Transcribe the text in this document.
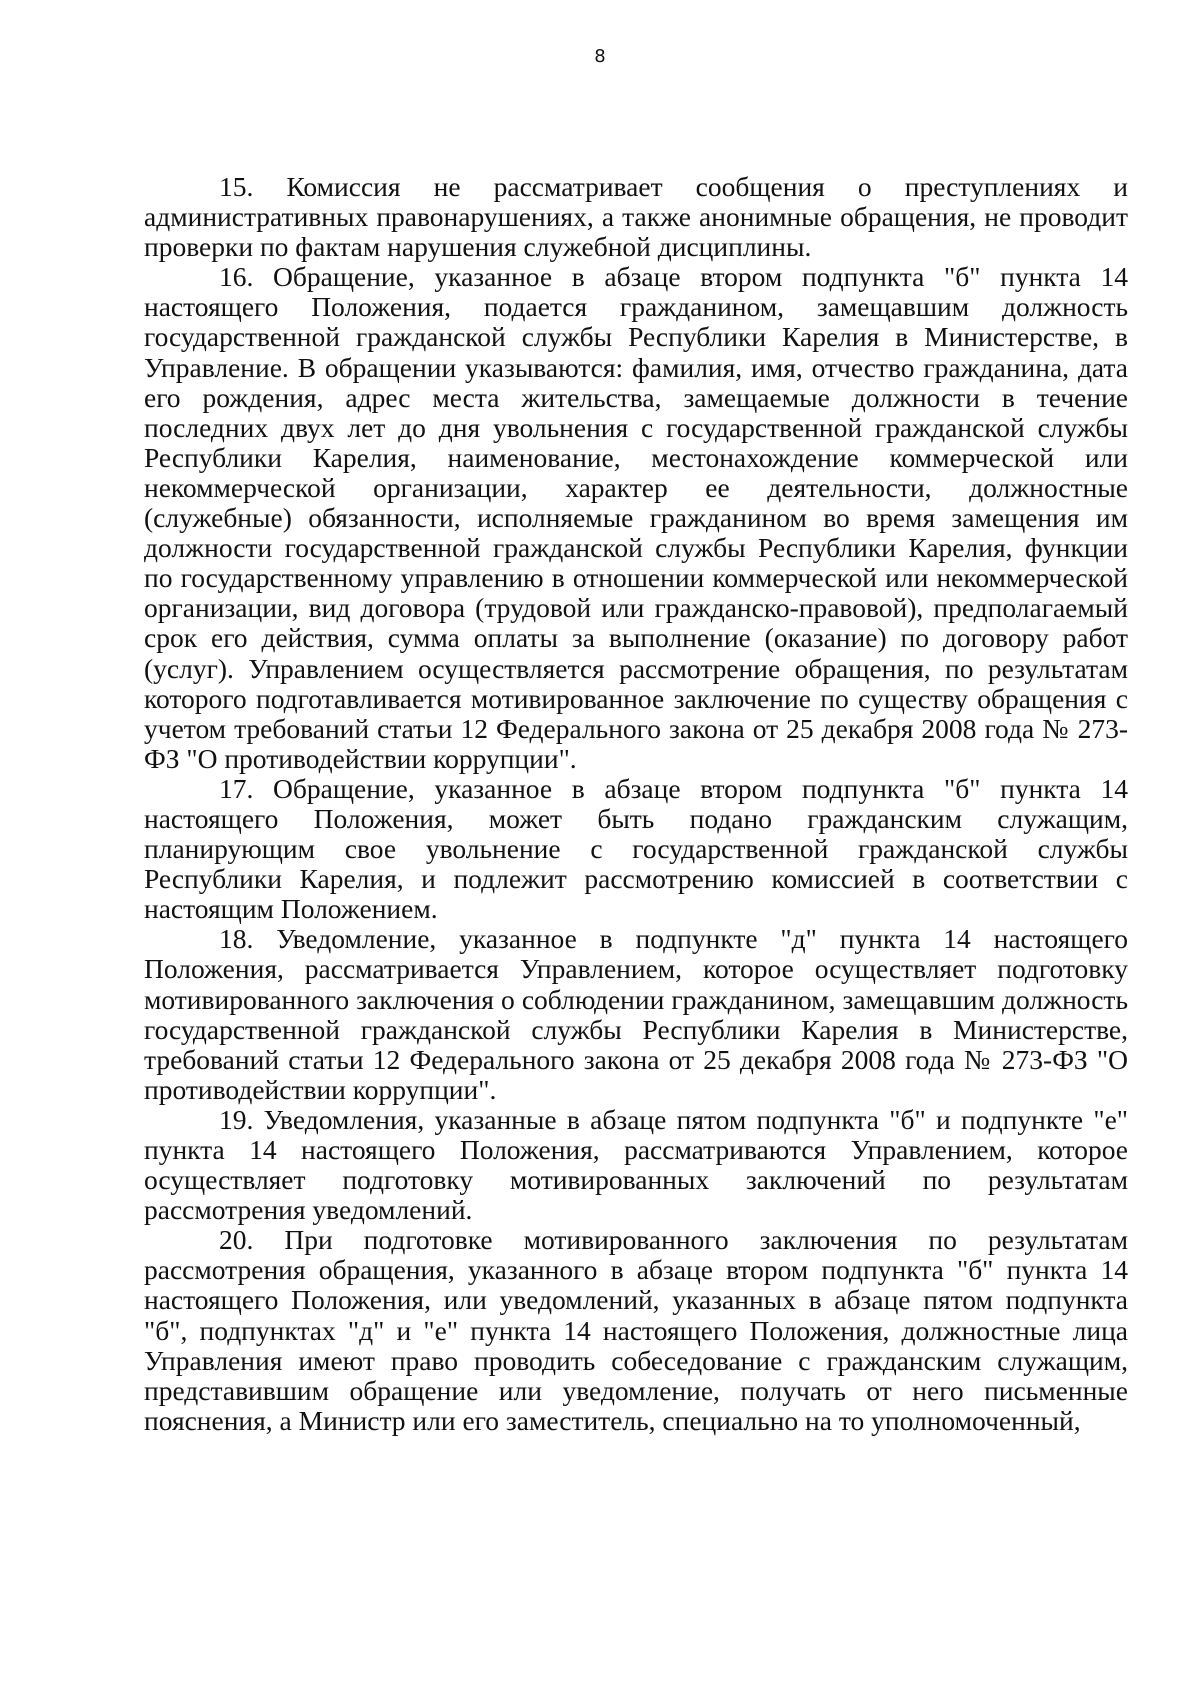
8

15. Комиссия не рассматривает сообщения о преступлениях и административных правонарушениях, а также анонимные обращения, не проводит проверки по фактам нарушения служебной дисциплины.

16. Обращение, указанное в абзаце втором подпункта "б" пункта 14 настоящего Положения, подается гражданином, замещавшим должность государственной гражданской службы Республики Карелия в Министерстве, в Управление. В обращении указываются: фамилия, имя, отчество гражданина, дата его рождения, адрес места жительства, замещаемые должности в течение последних двух лет до дня увольнения с государственной гражданской службы Республики Карелия, наименование, местонахождение коммерческой или некоммерческой организации, характер ее деятельности, должностные (служебные) обязанности, исполняемые гражданином во время замещения им должности государственной гражданской службы Республики Карелия, функции по государственному управлению в отношении коммерческой или некоммерческой организации, вид договора (трудовой или гражданско-правовой), предполагаемый срок его действия, сумма оплаты за выполнение (оказание) по договору работ (услуг). Управлением осуществляется рассмотрение обращения, по результатам которого подготавливается мотивированное заключение по существу обращения с учетом требований статьи 12 Федерального закона от 25 декабря 2008 года № 273-ФЗ "О противодействии коррупции".

17. Обращение, указанное в абзаце втором подпункта "б" пункта 14 настоящего Положения, может быть подано гражданским служащим, планирующим свое увольнение с государственной гражданской службы Республики Карелия, и подлежит рассмотрению комиссией в соответствии с настоящим Положением.

18. Уведомление, указанное в подпункте "д" пункта 14 настоящего Положения, рассматривается Управлением, которое осуществляет подготовку мотивированного заключения о соблюдении гражданином, замещавшим должность государственной гражданской службы Республики Карелия в Министерстве, требований статьи 12 Федерального закона от 25 декабря 2008 года № 273-ФЗ "О противодействии коррупции".

19. Уведомления, указанные в абзаце пятом подпункта "б" и подпункте "е" пункта 14 настоящего Положения, рассматриваются Управлением, которое осуществляет подготовку мотивированных заключений по результатам рассмотрения уведомлений.

20. При подготовке мотивированного заключения по результатам рассмотрения обращения, указанного в абзаце втором подпункта "б" пункта 14 настоящего Положения, или уведомлений, указанных в абзаце пятом подпункта "б", подпунктах "д" и "е" пункта 14 настоящего Положения, должностные лица Управления имеют право проводить собеседование с гражданским служащим, представившим обращение или уведомление, получать от него письменные пояснения, а Министр или его заместитель, специально на то уполномоченный,
